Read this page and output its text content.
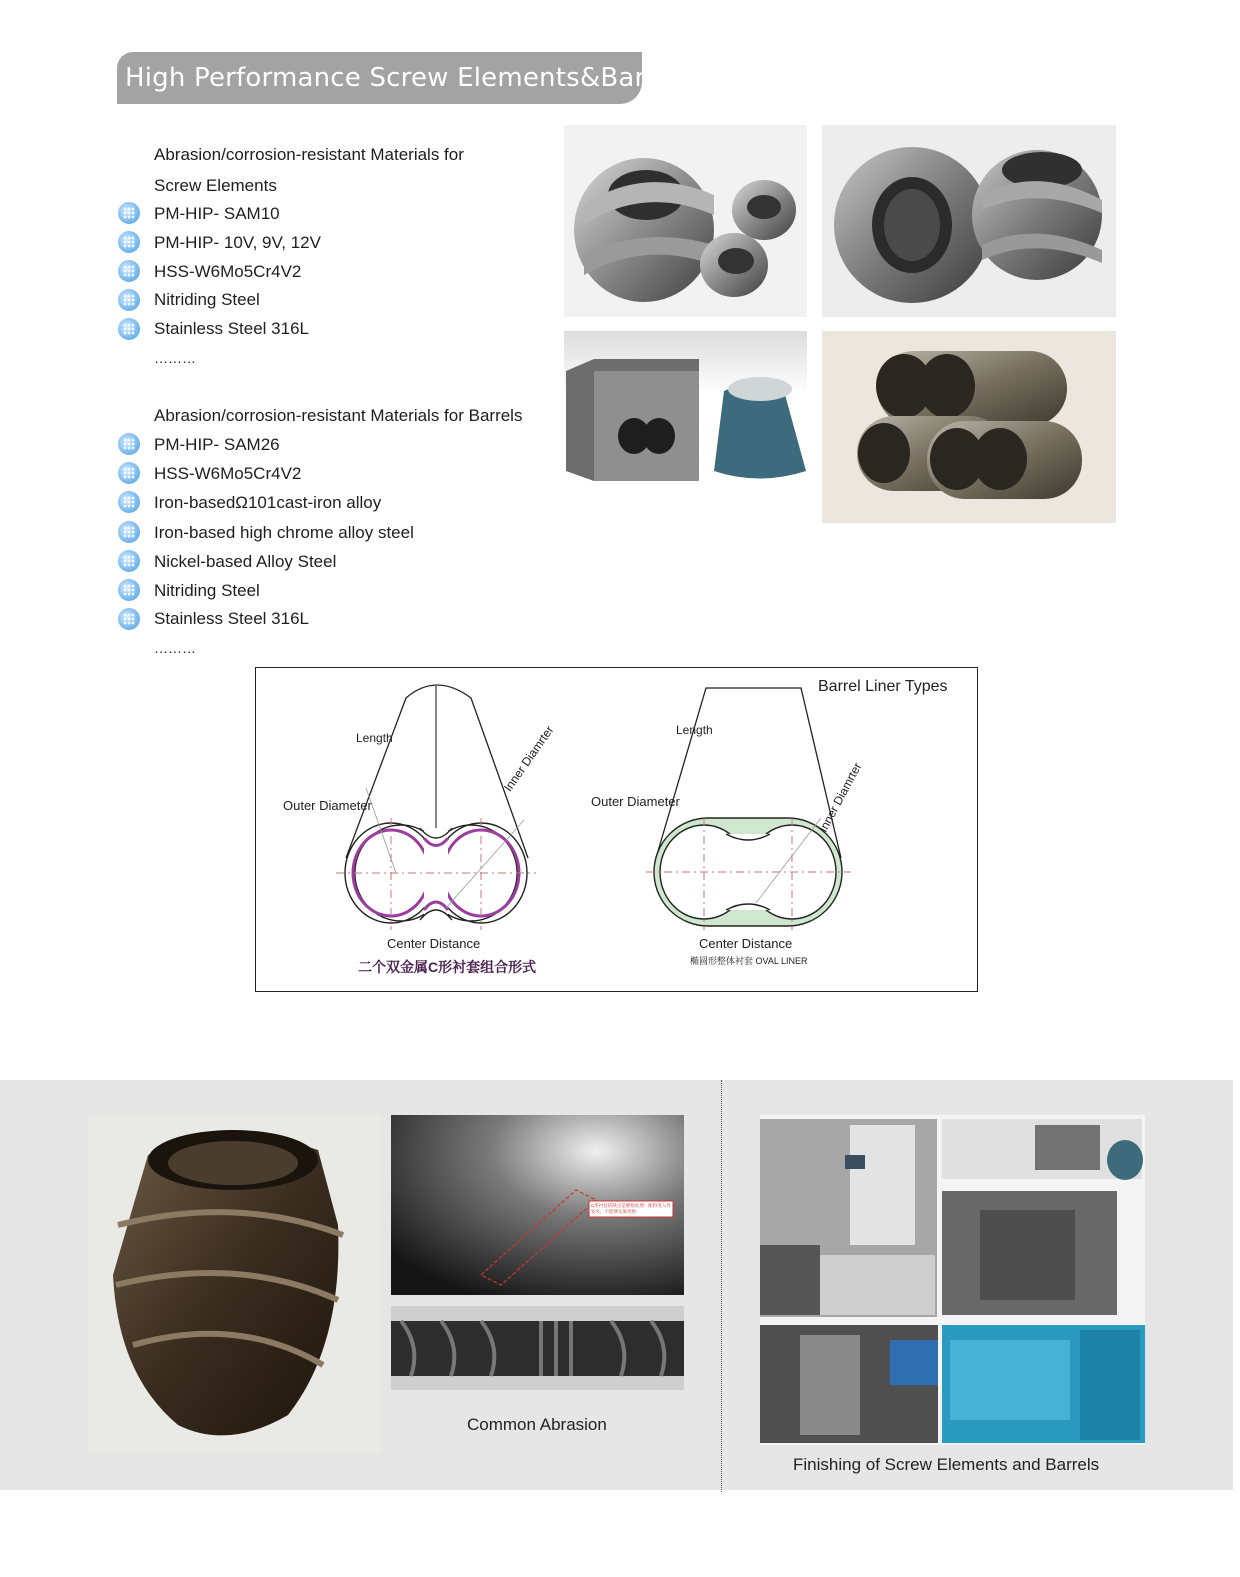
High Performance Screw Elements&Barrels
Abrasion/corrosion-resistant Materials for
Screw Elements
PM-HIP- SAM10
PM-HIP- 10V, 9V, 12V
HSS-W6Mo5Cr4V2
Nitriding Steel
Stainless Steel 316L
………
Abrasion/corrosion-resistant Materials for Barrels
PM-HIP- SAM26
HSS-W6Mo5Cr4V2
Iron-basedΩ101cast-iron alloy
Iron-based high chrome alloy steel
Nickel-based Alloy Steel
Nitriding Steel
Stainless Steel 316L
………
Barrel Liner Types
Length
Outer Diameter
Inner Diamrter
Center Distance
二个双金属C形衬套组合形式
Length
Outer Diameter	Inner Diamrter
Center Distance
椭圆形整体衬套 OVAL LINER
C形衬套的缺点是磨损处理：配料进入外发夹，不能够实施更换
Common Abrasion
Finishing of Screw Elements and Barrels
